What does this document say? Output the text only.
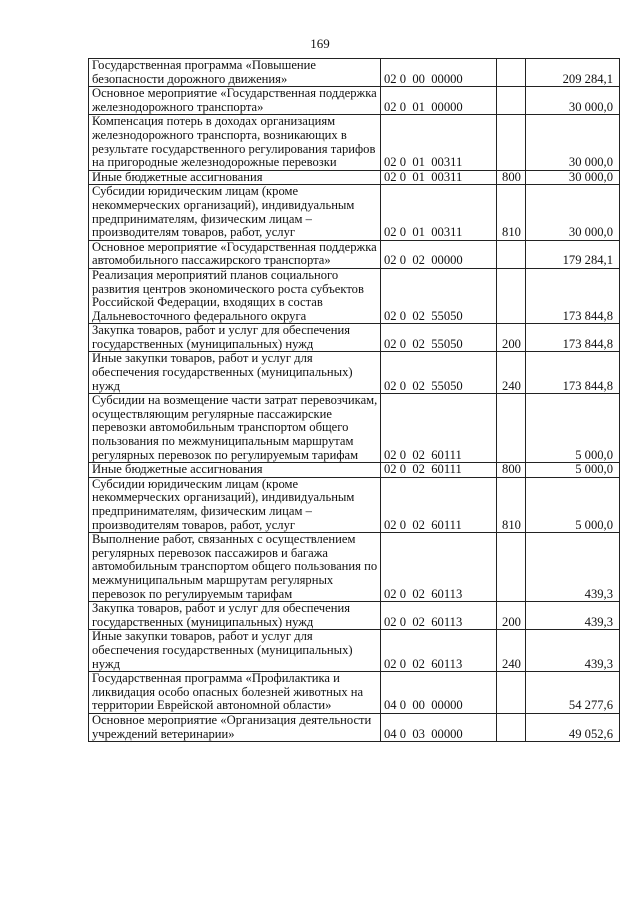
169
Государственная программа «Повышение безопасности дорожного движения»	02 0  00  00000		209 284,1
Основное мероприятие «Государственная поддержка железнодорожного транспорта»	02 0  01  00000		30 000,0
Компенсация потерь в доходах организациям железнодорожного транспорта, возникающих в результате государственного регулирования тарифов на пригородные железнодорожные перевозки	02 0  01  00311		30 000,0
Иные бюджетные ассигнования	02 0  01  00311	800	30 000,0
Субсидии юридическим лицам (кроме некоммерческих организаций), индивидуальным предпринимателям, физическим лицам – производителям товаров, работ, услуг	02 0  01  00311	810	30 000,0
Основное мероприятие «Государственная поддержка автомобильного пассажирского транспорта»	02 0  02  00000		179 284,1
Реализация мероприятий планов социального развития центров экономического роста субъектов Российской Федерации, входящих в состав Дальневосточного федерального округа	02 0  02  55050		173 844,8
Закупка товаров, работ и услуг для обеспечения государственных (муниципальных) нужд	02 0  02  55050	200	173 844,8
Иные закупки товаров, работ и услуг для обеспечения государственных (муниципальных) нужд	02 0  02  55050	240	173 844,8
Субсидии на возмещение части затрат перевозчикам, осуществляющим регулярные пассажирские перевозки автомобильным транспортом общего пользования по межмуниципальным маршрутам регулярных перевозок по регулируемым тарифам	02 0  02  60111		5 000,0
Иные бюджетные ассигнования	02 0  02  60111	800	5 000,0
Субсидии юридическим лицам (кроме некоммерческих организаций), индивидуальным предпринимателям, физическим лицам – производителям товаров, работ, услуг	02 0  02  60111	810	5 000,0
Выполнение работ, связанных с осуществлением регулярных перевозок пассажиров и багажа автомобильным транспортом общего пользования по межмуниципальным маршрутам регулярных перевозок по регулируемым тарифам	02 0  02  60113		439,3
Закупка товаров, работ и услуг для обеспечения государственных (муниципальных) нужд	02 0  02  60113	200	439,3
Иные закупки товаров, работ и услуг для обеспечения государственных (муниципальных) нужд	02 0  02  60113	240	439,3
Государственная программа «Профилактика и ликвидация особо опасных болезней животных на территории Еврейской автономной области»	04 0  00  00000		54 277,6
Основное мероприятие «Организация деятельности учреждений ветеринарии»	04 0  03  00000		49 052,6
